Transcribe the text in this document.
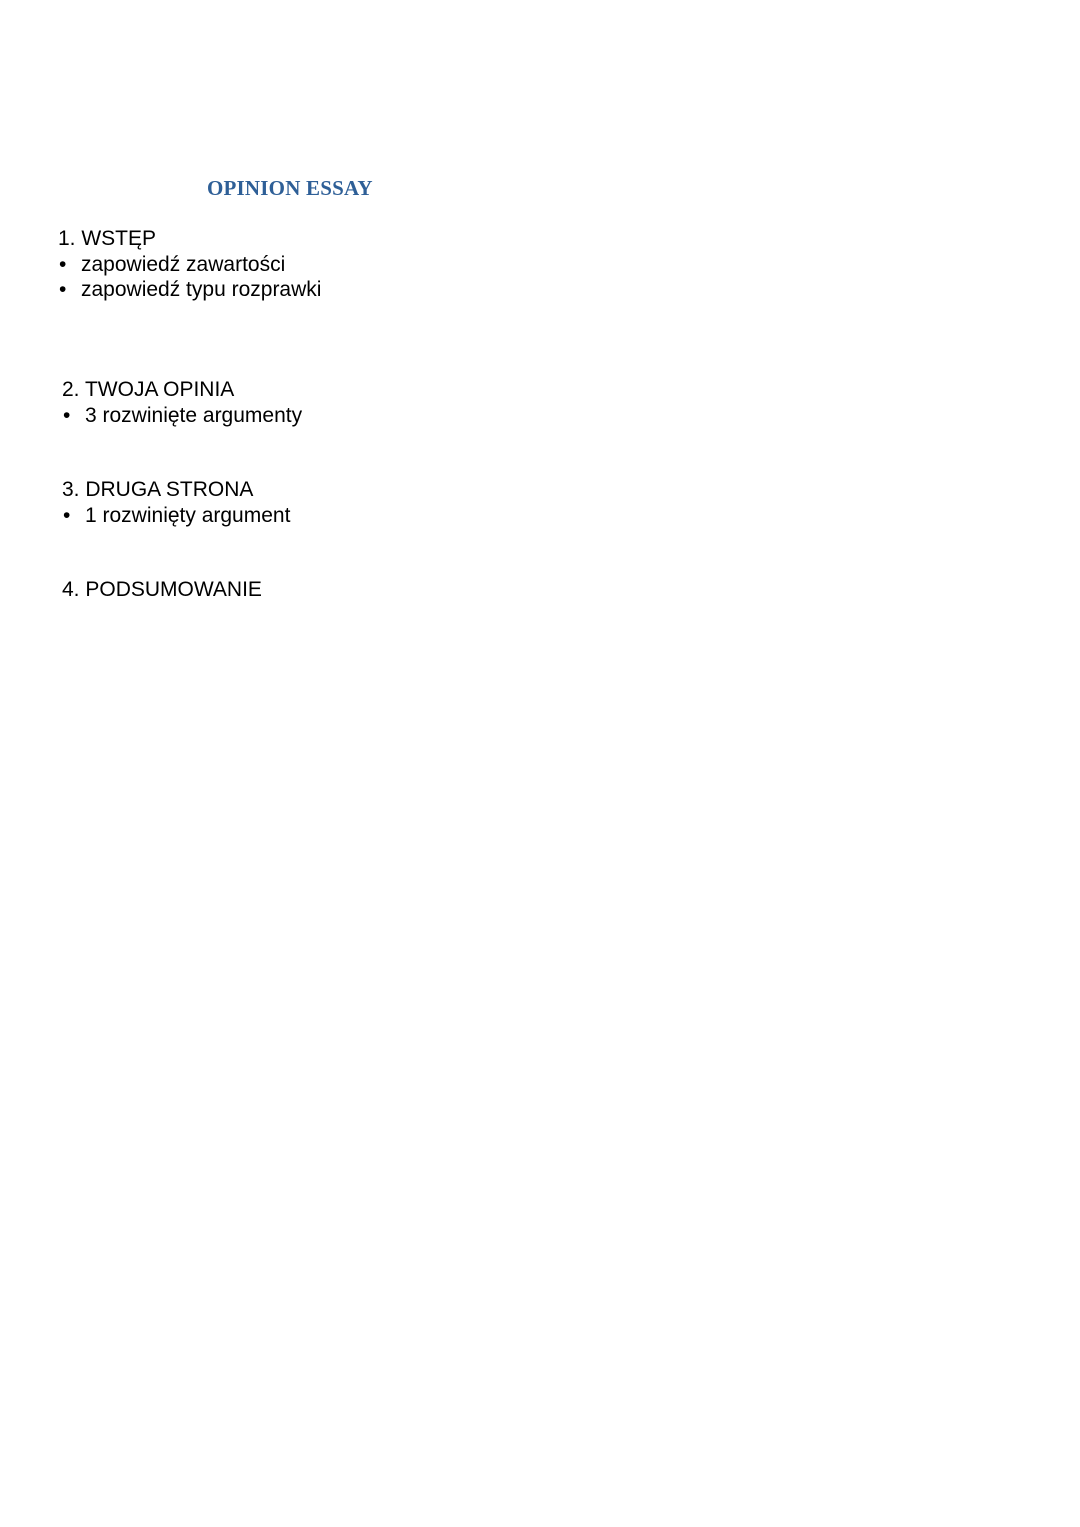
OPINION ESSAY
1. WSTĘP
• zapowiedź zawartości
• zapowiedź typu rozprawki
2. TWOJA OPINIA
• 3 rozwinięte argumenty
3. DRUGA STRONA
• 1 rozwinięty argument
4. PODSUMOWANIE
